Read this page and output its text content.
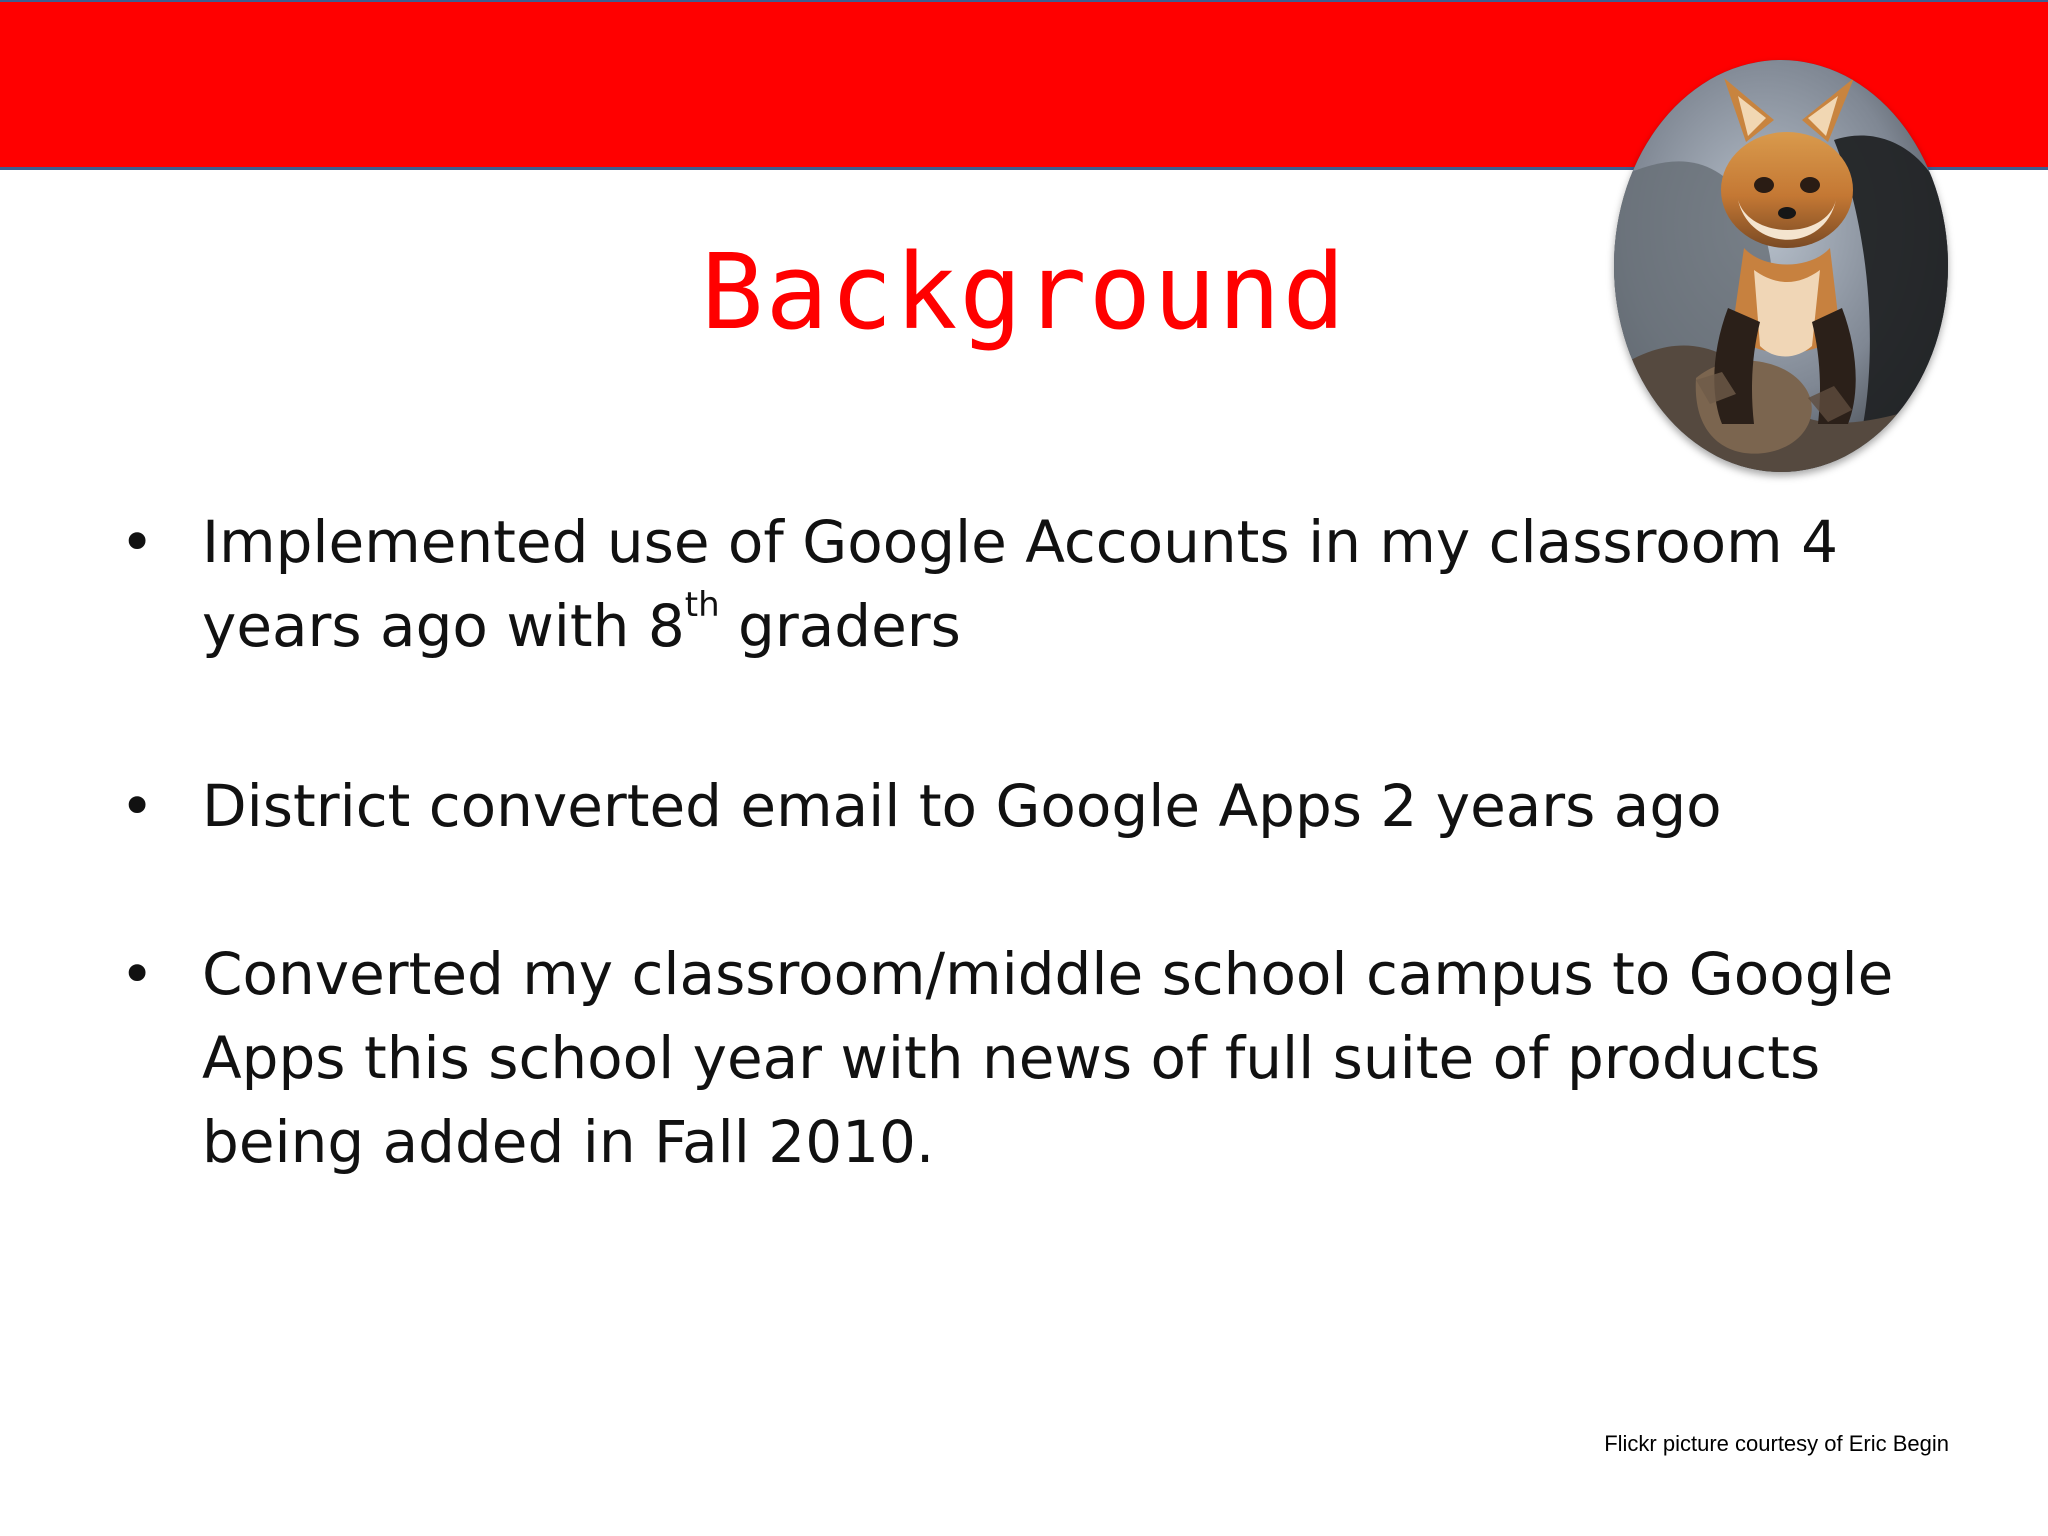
Background
• Implemented use of Google Accounts in my classroom 4 years ago with 8th graders
• District converted email to Google Apps 2 years ago
• Converted my classroom/middle school campus to Google Apps this school year with news of full suite of products being added in Fall 2010.
Flickr picture courtesy of Eric Begin
